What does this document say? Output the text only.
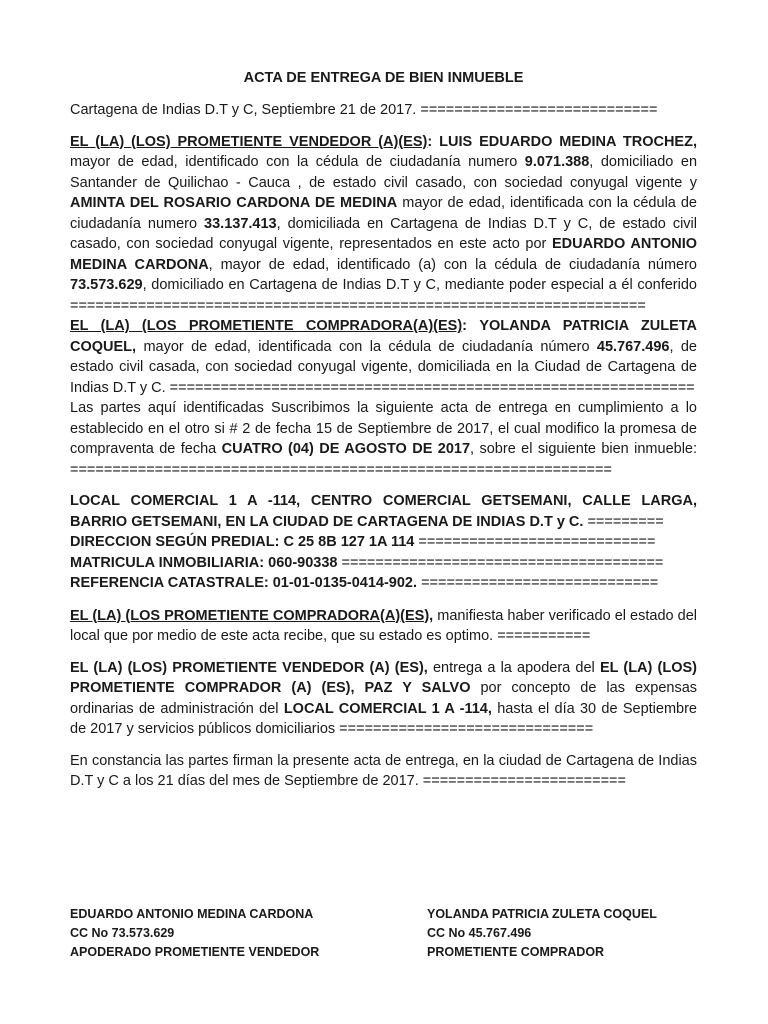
ACTA DE ENTREGA DE BIEN INMUEBLE

Cartagena de Indias D.T y C, Septiembre 21 de 2017. ============================

EL (LA) (LOS) PROMETIENTE VENDEDOR (A)(ES): LUIS EDUARDO MEDINA TROCHEZ, mayor de edad, identificado con la cédula de ciudadanía numero 9.071.388, domiciliado en Santander de Quilichao - Cauca , de estado civil casado, con sociedad conyugal vigente y AMINTA DEL ROSARIO CARDONA DE MEDINA mayor de edad, identificada con la cédula de ciudadanía numero 33.137.413, domiciliada en Cartagena de Indias D.T y C, de estado civil casado, con sociedad conyugal vigente, representados en este acto por EDUARDO ANTONIO MEDINA CARDONA, mayor de edad, identificado (a) con la cédula de ciudadanía número 73.573.629, domiciliado en Cartagena de Indias D.T y C, mediante poder especial a él conferido ====================================================================

EL (LA) (LOS PROMETIENTE COMPRADORA(A)(ES): YOLANDA PATRICIA ZULETA COQUEL, mayor de edad, identificada con la cédula de ciudadanía número 45.767.496, de estado civil casada, con sociedad conyugal vigente, domiciliada en la Ciudad de Cartagena de Indias D.T y C. ==============================================================

Las partes aquí identificadas Suscribimos la siguiente acta de entrega en cumplimiento a lo establecido en el otro si # 2 de fecha 15 de Septiembre de 2017, el cual modifico la promesa de compraventa de fecha CUATRO (04) DE AGOSTO DE 2017, sobre el siguiente bien inmueble: ================================================================

LOCAL COMERCIAL 1 A -114, CENTRO COMERCIAL GETSEMANI, CALLE LARGA, BARRIO GETSEMANI, EN LA CIUDAD DE CARTAGENA DE INDIAS D.T y C. =========
DIRECCION SEGÚN PREDIAL: C 25 8B 127 1A 114 ============================
MATRICULA INMOBILIARIA: 060-90338 ======================================
REFERENCIA CATASTRALE: 01-01-0135-0414-902. ============================

EL (LA) (LOS PROMETIENTE COMPRADORA(A)(ES), manifiesta haber verificado el estado del local que por medio de este acta recibe, que su estado es optimo. ===========

EL (LA) (LOS) PROMETIENTE VENDEDOR (A) (ES), entrega a la apodera del EL (LA) (LOS) PROMETIENTE COMPRADOR (A) (ES), PAZ Y SALVO por concepto de las expensas ordinarias de administración del LOCAL COMERCIAL 1 A -114, hasta el día 30 de Septiembre de 2017 y servicios públicos domiciliarios ==============================

En constancia las partes firman la presente acta de entrega, en la ciudad de Cartagena de Indias D.T y C a los 21 días del mes de Septiembre de 2017. ========================

EDUARDO ANTONIO MEDINA CARDONA
CC No 73.573.629
APODERADO PROMETIENTE VENDEDOR
YOLANDA PATRICIA ZULETA COQUEL
CC No 45.767.496
PROMETIENTE COMPRADOR
